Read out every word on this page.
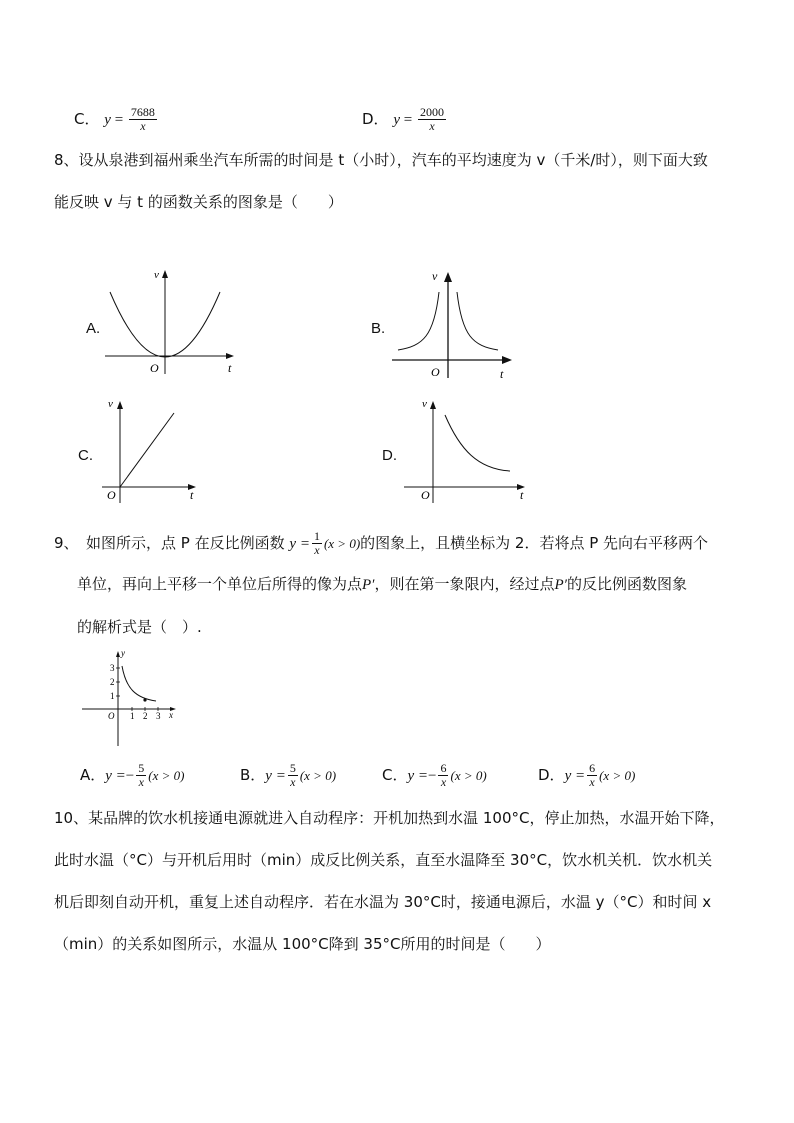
C． $y = \frac{7688}{x}$	D． $y = \frac{2000}{x}$
8、设从泉港到福州乘坐汽车所需的时间是 t（小时），汽车的平均速度为 v（千米/时），则下面大致
能反映 v 与 t 的函数关系的图象是（　　）
A.
v
t
O
B.
v
t
O
C.
v
t
O
D.
v
t
O
9、　如图所示，点 P 在反比例函数 $y = \frac{1}{x} (x > 0)$的图象上，且横坐标为 2．若将点 P 先向右平移两个
单位，再向上平移一个单位后所得的像为点P′，则在第一象限内，经过点P′的反比例函数图象
的解析式是（　）.
y
x
O
1
2
3
1 2 3
A．$y =- \frac{5}{x} (x > 0)$	B．$y = \frac{5}{x} (x > 0)$	C．$y =- \frac{6}{x} (x > 0)$	D．$y = \frac{6}{x} (x > 0)$
10、某品牌的饮水机接通电源就进入自动程序：开机加热到水温 100°C，停止加热，水温开始下降，
此时水温（°C）与开机后用时（min）成反比例关系，直至水温降至 30°C，饮水机关机．饮水机关
机后即刻自动开机，重复上述自动程序．若在水温为 30°C时，接通电源后，水温 y（°C）和时间 x
（min）的关系如图所示，水温从 100°C降到 35°C所用的时间是（　　）
